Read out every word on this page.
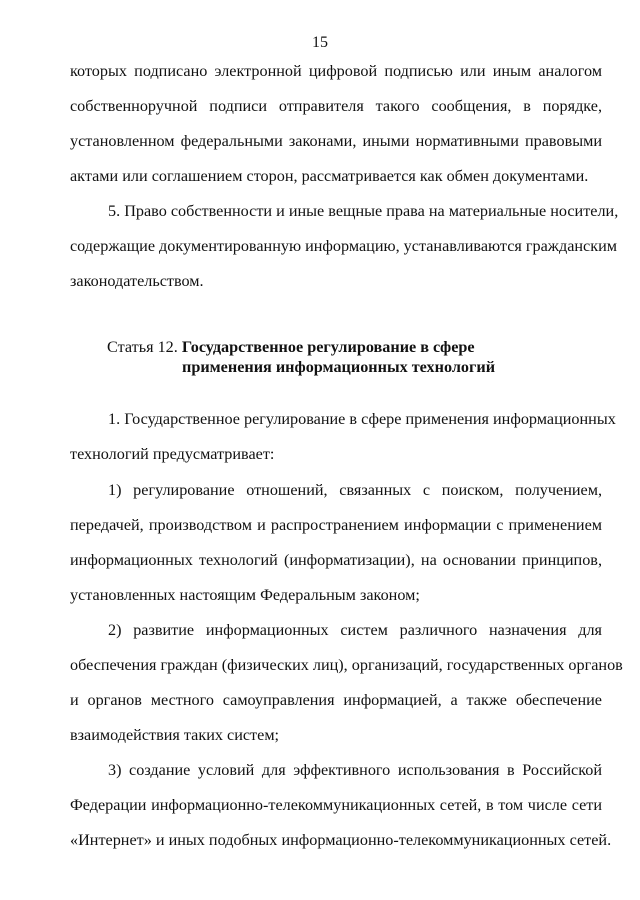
15
которых подписано электронной цифровой подписью или иным аналогом
собственноручной подписи отправителя такого сообщения, в порядке,
установленном федеральными законами, иными нормативными правовыми
актами или соглашением сторон, рассматривается как обмен документами.
5. Право собственности и иные вещные права на материальные носители,
содержащие документированную информацию, устанавливаются гражданским
законодательством.
Статья 12. Государственное регулирование в сфере
применения информационных технологий
1. Государственное регулирование в сфере применения информационных
технологий предусматривает:
1) регулирование отношений, связанных с поиском, получением,
передачей, производством и распространением информации с применением
информационных технологий (информатизации), на основании принципов,
установленных настоящим Федеральным законом;
2) развитие информационных систем различного назначения для
обеспечения граждан (физических лиц), организаций, государственных органов
и органов местного самоуправления информацией, а также обеспечение
взаимодействия таких систем;
3) создание условий для эффективного использования в Российской
Федерации информационно-телекоммуникационных сетей, в том числе сети
«Интернет» и иных подобных информационно-телекоммуникационных сетей.
